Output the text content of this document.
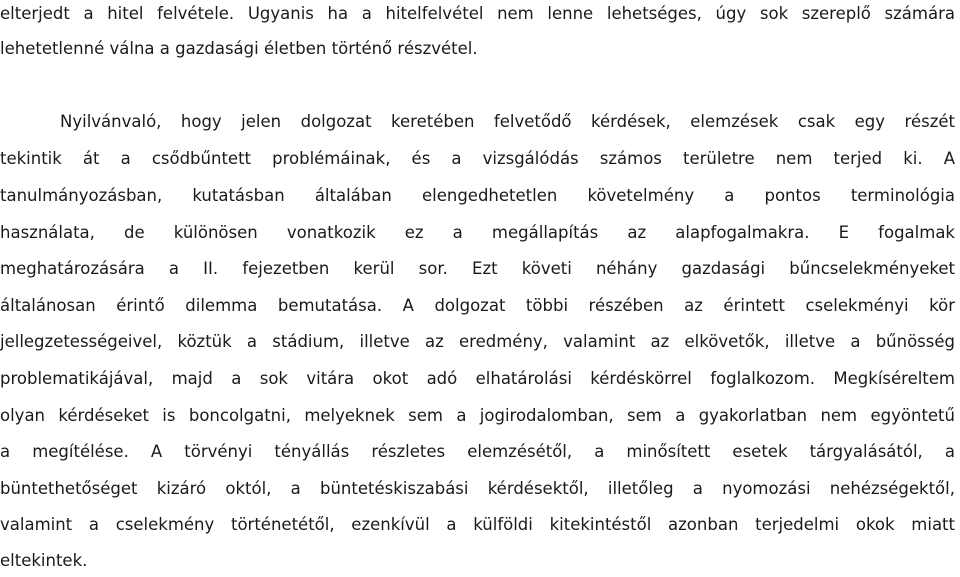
elterjedt a hitel felvétele. Ugyanis ha a hitelfelvétel nem lenne lehetséges, úgy sok szereplő számára
lehetetlenné válna a gazdasági életben történő részvétel.
Nyilvánvaló, hogy jelen dolgozat keretében felvetődő kérdések, elemzések csak egy részét
tekintik át a csődbűntett problémáinak, és a vizsgálódás számos területre nem terjed ki. A
tanulmányozásban, kutatásban általában elengedhetetlen követelmény a pontos terminológia
használata, de különösen vonatkozik ez a megállapítás az alapfogalmakra. E fogalmak
meghatározására a II. fejezetben kerül sor. Ezt követi néhány gazdasági bűncselekményeket
általánosan érintő dilemma bemutatása. A dolgozat többi részében az érintett cselekményi kör
jellegzetességeivel, köztük a stádium, illetve az eredmény, valamint az elkövetők, illetve a bűnösség
problematikájával, majd a sok vitára okot adó elhatárolási kérdéskörrel foglalkozom. Megkíséreltem
olyan kérdéseket is boncolgatni, melyeknek sem a jogirodalomban, sem a gyakorlatban nem egyöntetű
a megítélése. A törvényi tényállás részletes elemzésétől, a minősített esetek tárgyalásától, a
büntethetőséget kizáró októl, a büntetéskiszabási kérdésektől, illetőleg a nyomozási nehézségektől,
valamint a cselekmény történetétől, ezenkívül a külföldi kitekintéstől azonban terjedelmi okok miatt
eltekintek.
